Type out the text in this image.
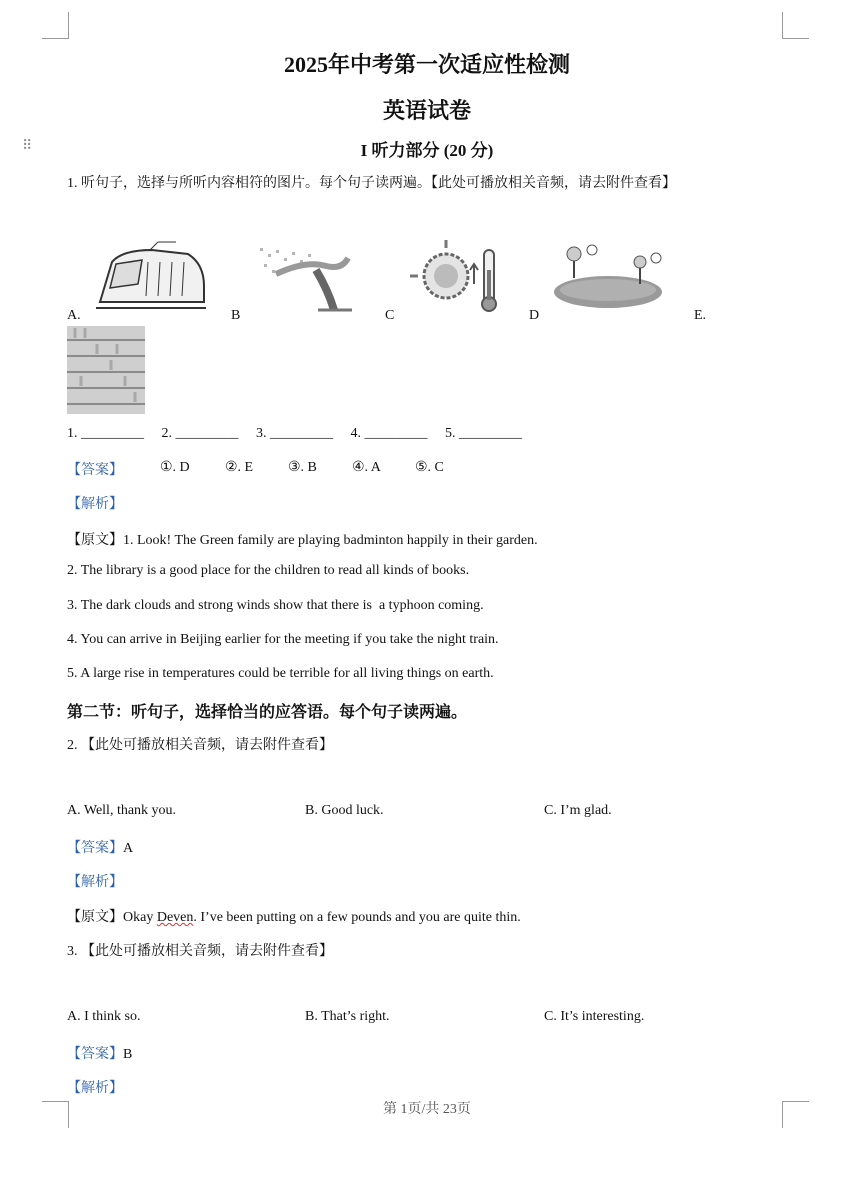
2025年中考第一次适应性检测
英语试卷
⠿	I 听力部分 (20 分)
1. 听句子，选择与所听内容相符的图片。每个句子读两遍。【此处可播放相关音频，请去附件查看】
A.	B	C	D	E.
1. _________     2. _________     3. _________     4. _________     5. _________
【答案】	①. D	②. E ③. B	④. A ⑤. C
【解析】
【原文】1. Look! The Green family are playing badminton happily in their garden.
2. The library is a good place for the children to read all kinds of books.
3. The dark clouds and strong winds show that there is  a typhoon coming.
4. You can arrive in Beijing earlier for the meeting if you take the night train.
5. A large rise in temperatures could be terrible for all living things on earth.
第二节：听句子，选择恰当的应答语。每个句子读两遍。
2. 【此处可播放相关音频，请去附件查看】
A. Well, thank you.	B. Good luck.	C. I’m glad.
【答案】A
【解析】
【原文】Okay Deven. I’ve been putting on a few pounds and you are quite thin.
3. 【此处可播放相关音频，请去附件查看】
A. I think so.	B. That’s right.	C. It’s interesting.
【答案】B
【解析】
第 1页/共 23页
